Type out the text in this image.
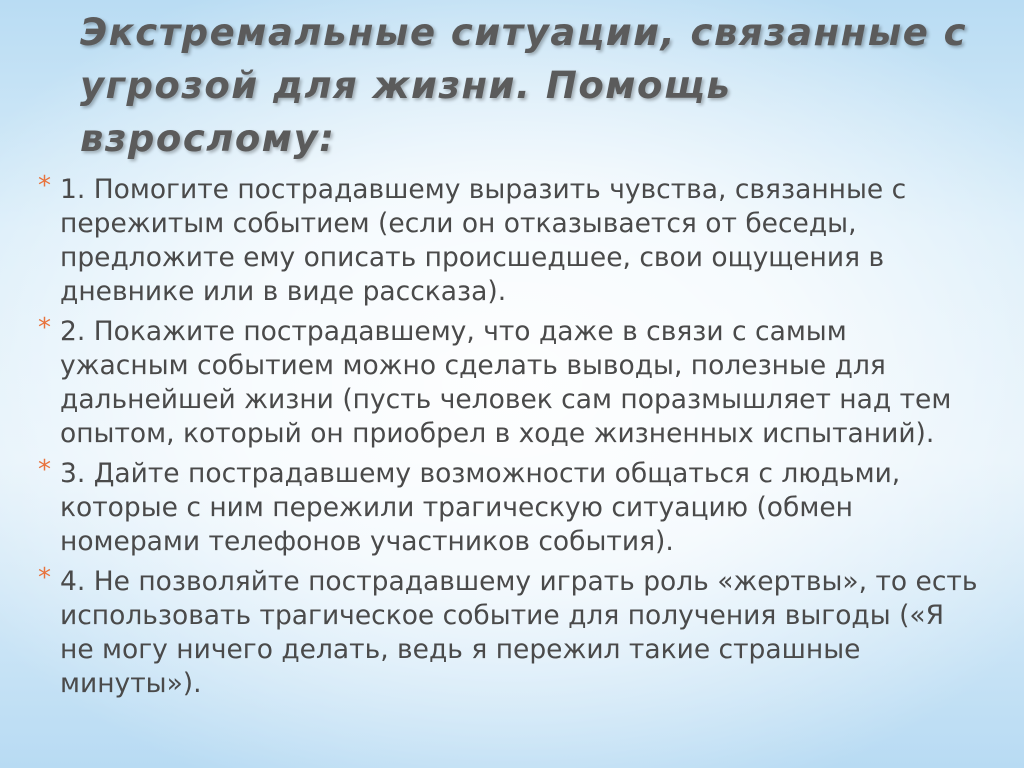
Экстремальные ситуации, связанные с угрозой для жизни. Помощь взрослому:
* 1. Помогите пострадавшему выразить чувства, связанные с пережитым событием (если он отказывается от беседы, предложите ему описать происшедшее, свои ощущения в дневнике или в виде рассказа).
* 2. Покажите пострадавшему, что даже в связи с самым ужасным событием можно сделать выводы, полезные для дальнейшей жизни (пусть человек сам поразмышляет над тем опытом, который он приобрел в ходе жизненных испытаний).
* 3. Дайте пострадавшему возможности общаться с людьми, которые с ним пережили трагическую ситуацию (обмен номерами телефонов участников события).
* 4. Не позволяйте пострадавшему играть роль «жертвы», то есть использовать трагическое событие для получения выгоды («Я не могу ничего делать, ведь я пережил такие страшные минуты»).
